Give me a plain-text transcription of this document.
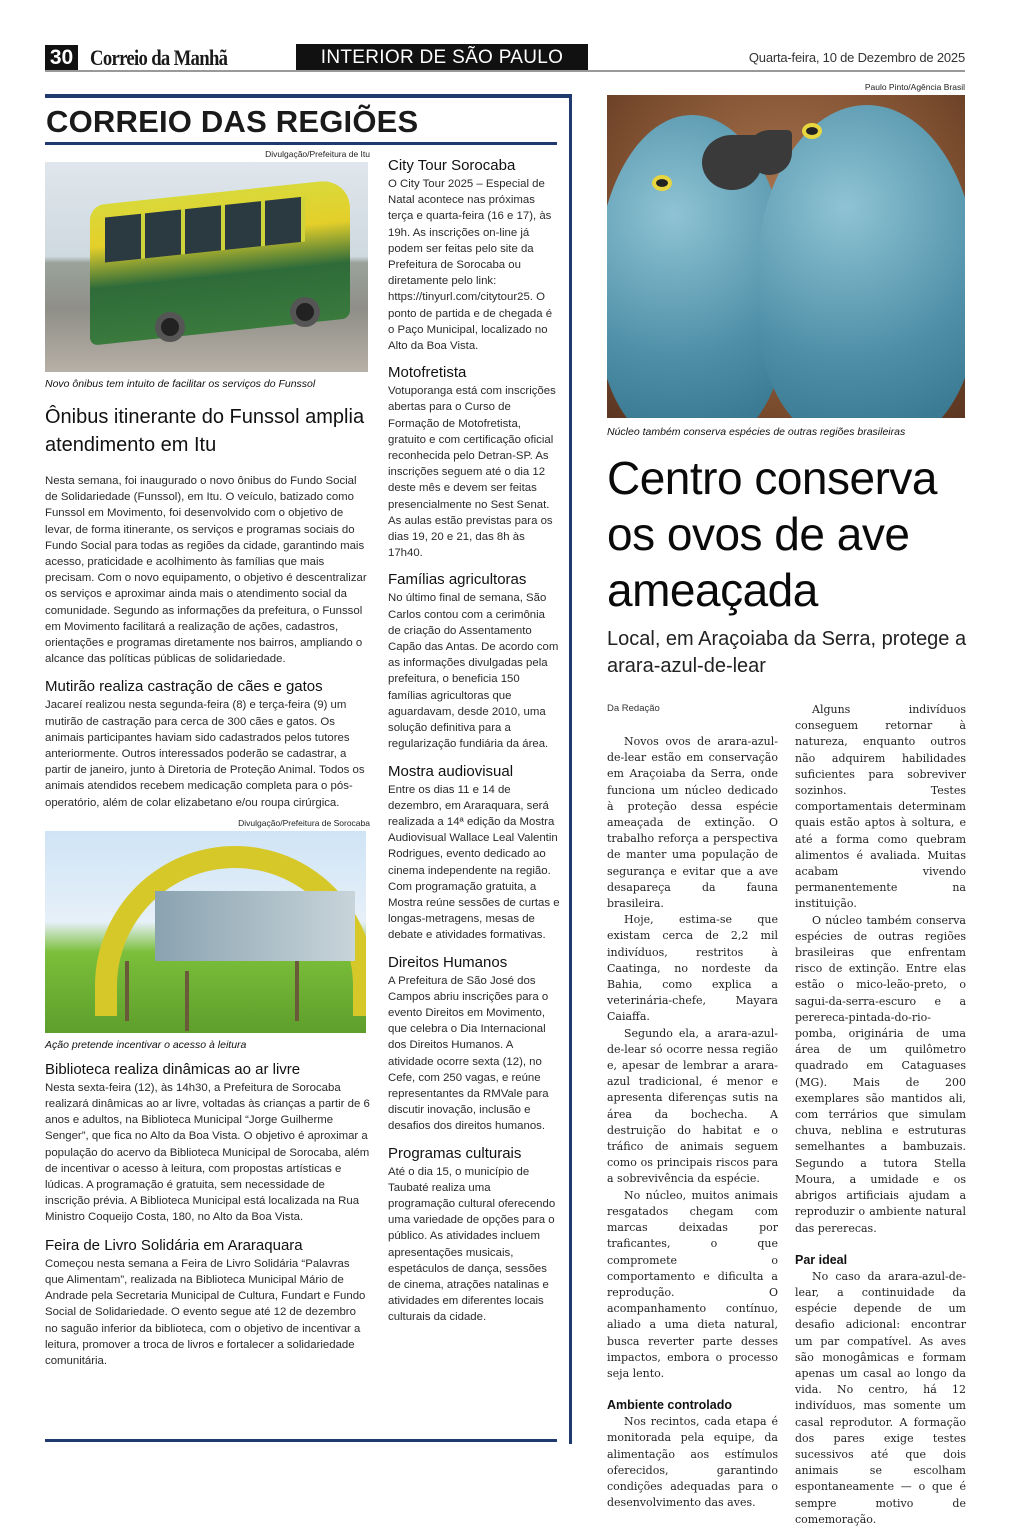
30 Correio da Manhã	INTERIOR DE SÃO PAULO	Quarta-feira, 10 de Dezembro de 2025
CORREIO DAS REGIÕES
Divulgação/Prefeitura de Itu
Novo ônibus tem intuito de facilitar os serviços do Funssol
Ônibus itinerante do Funssol amplia atendimento em Itu
Nesta semana, foi inaugurado o novo ônibus do Fundo Social de Solidariedade (Funssol), em Itu. O veículo, batizado como Funssol em Movimento, foi desenvolvido com o objetivo de levar, de forma itinerante, os serviços e programas sociais do Fundo Social para todas as regiões da cidade, garantindo mais acesso, praticidade e acolhimento às famílias que mais precisam. Com o novo equipamento, o objetivo é descentralizar os serviços e aproximar ainda mais o atendimento social da comunidade. Segundo as informações da prefeitura, o Funssol em Movimento facilitará a realização de ações, cadastros, orientações e programas diretamente nos bairros, ampliando o alcance das políticas públicas de solidariedade.
Mutirão realiza castração de cães e gatos
Jacareí realizou nesta segunda-feira (8) e terça-feira (9) um mutirão de castração para cerca de 300 cães e gatos. Os animais participantes haviam sido cadastrados pelos tutores anteriormente. Outros interessados poderão se cadastrar, a partir de janeiro, junto à Diretoria de Proteção Animal. Todos os animais atendidos recebem medicação completa para o pós-operatório, além de colar elizabetano e/ou roupa cirúrgica.
Divulgação/Prefeitura de Sorocaba
Ação pretende incentivar o acesso à leitura
Biblioteca realiza dinâmicas ao ar livre
Nesta sexta-feira (12), às 14h30, a Prefeitura de Sorocaba realizará dinâmicas ao ar livre, voltadas às crianças a partir de 6 anos e adultos, na Biblioteca Municipal “Jorge Guilherme Senger”, que fica no Alto da Boa Vista. O objetivo é aproximar a população do acervo da Biblioteca Municipal de Sorocaba, além de incentivar o acesso à leitura, com propostas artísticas e lúdicas. A programação é gratuita, sem necessidade de inscrição prévia. A Biblioteca Municipal está localizada na Rua Ministro Coqueijo Costa, 180, no Alto da Boa Vista.
Feira de Livro Solidária em Araraquara
Começou nesta semana a Feira de Livro Solidária “Palavras que Alimentam”, realizada na Biblioteca Municipal Mário de Andrade pela Secretaria Municipal de Cultura, Fundart e Fundo Social de Solidariedade. O evento segue até 12 de dezembro no saguão inferior da biblioteca, com o objetivo de incentivar a leitura, promover a troca de livros e fortalecer a solidariedade comunitária.
City Tour Sorocaba
O City Tour 2025 – Especial de Natal acontece nas próximas terça e quarta-feira (16 e 17), às 19h. As inscrições on-line já podem ser feitas pelo site da Prefeitura de Sorocaba ou diretamente pelo link: https://tinyurl.com/citytour25. O ponto de partida e de chegada é o Paço Municipal, localizado no Alto da Boa Vista.
Motofretista
Votuporanga está com inscrições abertas para o Curso de Formação de Motofretista, gratuito e com certificação oficial reconhecida pelo Detran-SP. As inscrições seguem até o dia 12 deste mês e devem ser feitas presencialmente no Sest Senat. As aulas estão previstas para os dias 19, 20 e 21, das 8h às 17h40.
Famílias agricultoras
No último final de semana, São Carlos contou com a cerimônia de criação do Assentamento Capão das Antas. De acordo com as informações divulgadas pela prefeitura, o beneficia 150 famílias agricultoras que aguardavam, desde 2010, uma solução definitiva para a regularização fundiária da área.
Mostra audiovisual
Entre os dias 11 e 14 de dezembro, em Araraquara, será realizada a 14ª edição da Mostra Audiovisual Wallace Leal Valentin Rodrigues, evento dedicado ao cinema independente na região. Com programação gratuita, a Mostra reúne sessões de curtas e longas-metragens, mesas de debate e atividades formativas.
Direitos Humanos
A Prefeitura de São José dos Campos abriu inscrições para o evento Direitos em Movimento, que celebra o Dia Internacional dos Direitos Humanos. A atividade ocorre sexta (12), no Cefe, com 250 vagas, e reúne representantes da RMVale para discutir inovação, inclusão e desafios dos direitos humanos.
Programas culturais
Até o dia 15, o município de Taubaté realiza uma programação cultural oferecendo uma variedade de opções para o público. As atividades incluem apresentações musicais, espetáculos de dança, sessões de cinema, atrações natalinas e atividades em diferentes locais culturais da cidade.
Paulo Pinto/Agência Brasil
Núcleo também conserva espécies de outras regiões brasileiras
Centro conserva os ovos de ave ameaçada
Local, em Araçoiaba da Serra, protege a arara-azul-de-lear
Da Redação

Novos ovos de arara-azul-de-lear estão em conservação em Araçoiaba da Serra, onde funciona um núcleo dedicado à proteção dessa espécie ameaçada de extinção. O trabalho reforça a perspectiva de manter uma população de segurança e evitar que a ave desapareça da fauna brasileira.

Hoje, estima-se que existam cerca de 2,2 mil indivíduos, restritos à Caatinga, no nordeste da Bahia, como explica a veterinária-chefe, Mayara Caiaffa.

Segundo ela, a arara-azul-de-lear só ocorre nessa região e, apesar de lembrar a arara-azul tradicional, é menor e apresenta diferenças sutis na área da bochecha. A destruição do habitat e o tráfico de animais seguem como os principais riscos para a sobrevivência da espécie.

No núcleo, muitos animais resgatados chegam com marcas deixadas por traficantes, o que compromete o comportamento e dificulta a reprodução. O acompanhamento contínuo, aliado a uma dieta natural, busca reverter parte desses impactos, embora o processo seja lento.

Ambiente controlado

Nos recintos, cada etapa é monitorada pela equipe, da alimentação aos estímulos oferecidos, garantindo condições adequadas para o desenvolvimento das aves.

Alguns indivíduos conseguem retornar à natureza, enquanto outros não adquirem habilidades suficientes para sobreviver sozinhos. Testes comportamentais determinam quais estão aptos à soltura, e até a forma como quebram alimentos é avaliada. Muitas acabam vivendo permanentemente na instituição.

O núcleo também conserva espécies de outras regiões brasileiras que enfrentam risco de extinção. Entre elas estão o mico-leão-preto, o sagui-da-serra-escuro e a perereca-pintada-do-rio-pomba, originária de uma área de um quilômetro quadrado em Cataguases (MG). Mais de 200 exemplares são mantidos ali, com terrários que simulam chuva, neblina e estruturas semelhantes a bambuzais. Segundo a tutora Stella Moura, a umidade e os abrigos artificiais ajudam a reproduzir o ambiente natural das pererecas.

Par ideal

No caso da arara-azul-de-lear, a continuidade da espécie depende de um desafio adicional: encontrar um par compatível. As aves são monogâmicas e formam apenas um casal ao longo da vida. No centro, há 12 indivíduos, mas somente um casal reprodutor. A formação dos pares exige testes sucessivos até que dois animais se escolham espontaneamente — o que é sempre motivo de comemoração.
